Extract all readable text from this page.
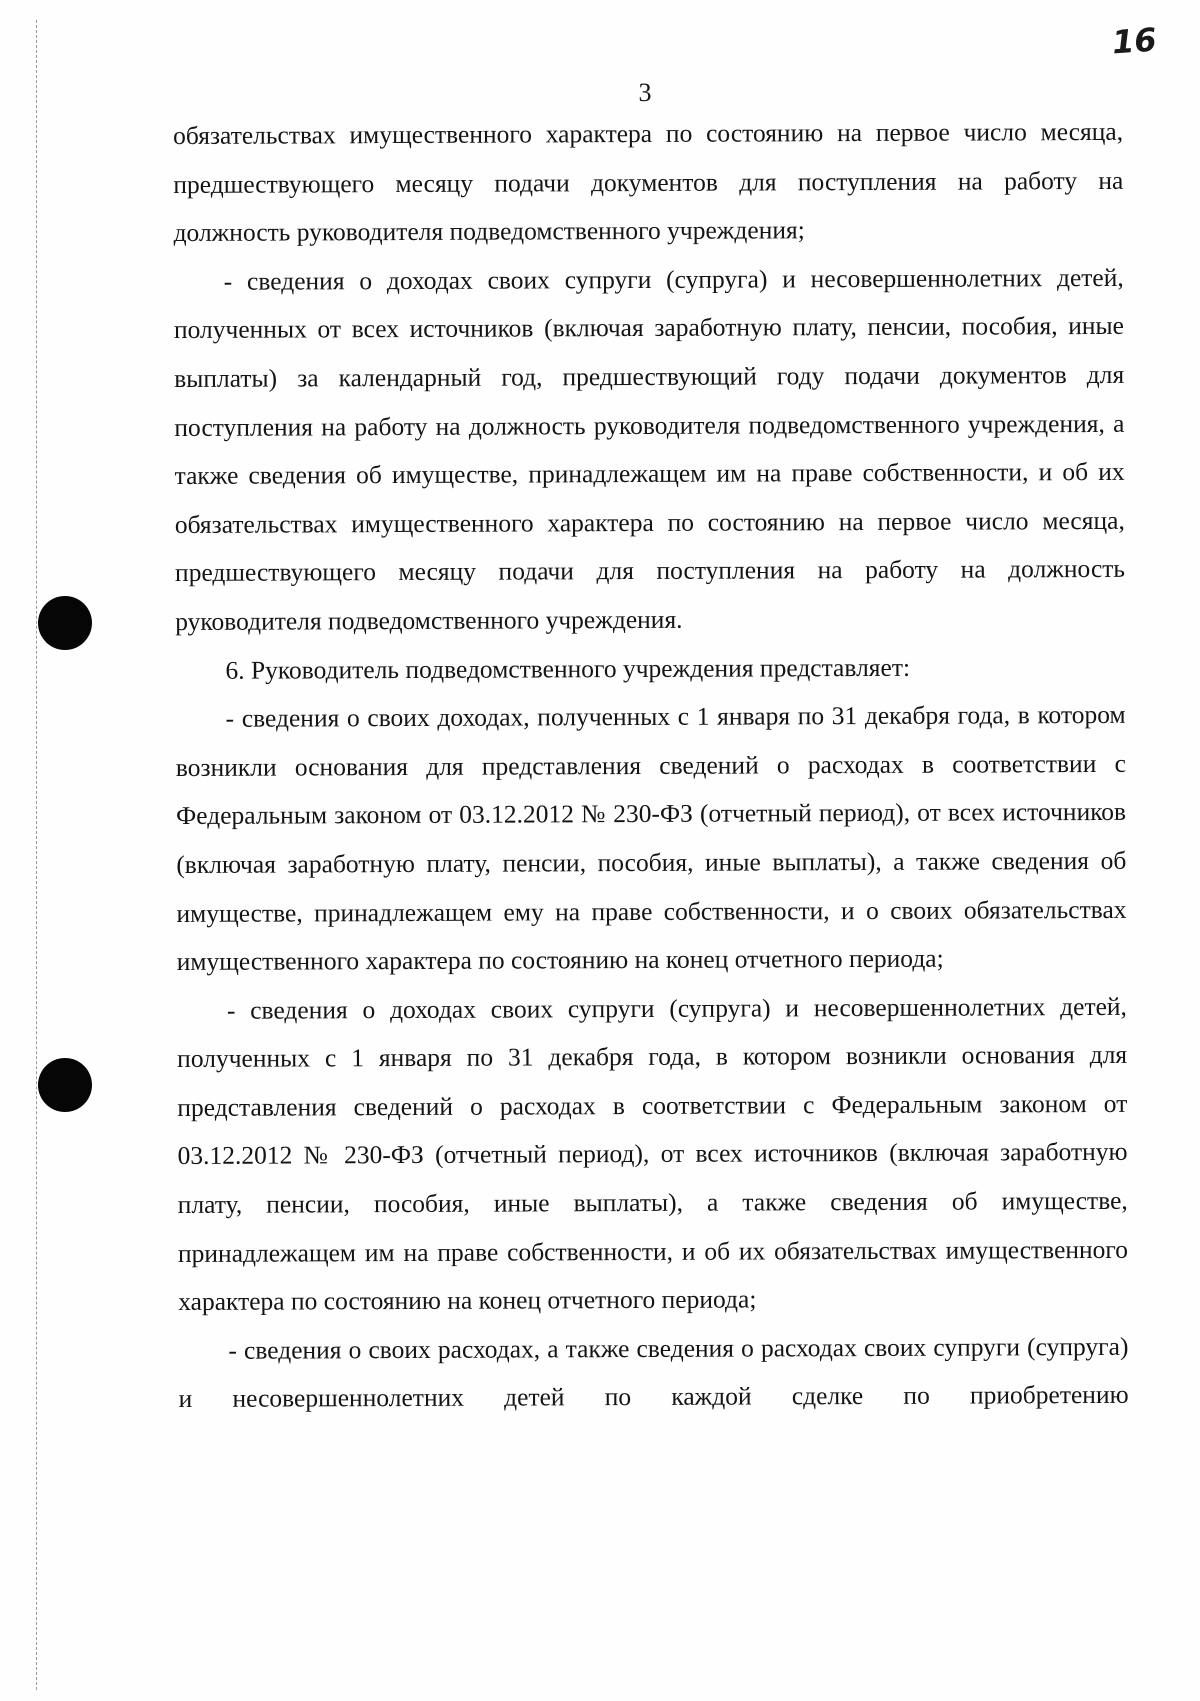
16
3

обязательствах имущественного характера по состоянию на первое число месяца, предшествующего месяцу подачи документов для поступления на работу на должность руководителя подведомственного учреждения;

- сведения о доходах своих супруги (супруга) и несовершеннолетних детей, полученных от всех источников (включая заработную плату, пенсии, пособия, иные выплаты) за календарный год, предшествующий году подачи документов для поступления на работу на должность руководителя подведомственного учреждения, а также сведения об имуществе, принадлежащем им на праве собственности, и об их обязательствах имущественного характера по состоянию на первое число месяца, предшествующего месяцу подачи для поступления на работу на должность руководителя подведомственного учреждения.

6. Руководитель подведомственного учреждения представляет:

- сведения о своих доходах, полученных с 1 января по 31 декабря года, в котором возникли основания для представления сведений о расходах в соответствии с Федеральным законом от 03.12.2012 № 230-ФЗ (отчетный период), от всех источников (включая заработную плату, пенсии, пособия, иные выплаты), а также сведения об имуществе, принадлежащем ему на праве собственности, и о своих обязательствах имущественного характера по состоянию на конец отчетного периода;

- сведения о доходах своих супруги (супруга) и несовершеннолетних детей, полученных с 1 января по 31 декабря года, в котором возникли основания для представления сведений о расходах в соответствии с Федеральным законом от 03.12.2012 № 230-ФЗ (отчетный период), от всех источников (включая заработную плату, пенсии, пособия, иные выплаты), а также сведения об имуществе, принадлежащем им на праве собственности, и об их обязательствах имущественного характера по состоянию на конец отчетного периода;

- сведения о своих расходах, а также сведения о расходах своих супруги (супруга) и несовершеннолетних детей по каждой сделке по приобретению
